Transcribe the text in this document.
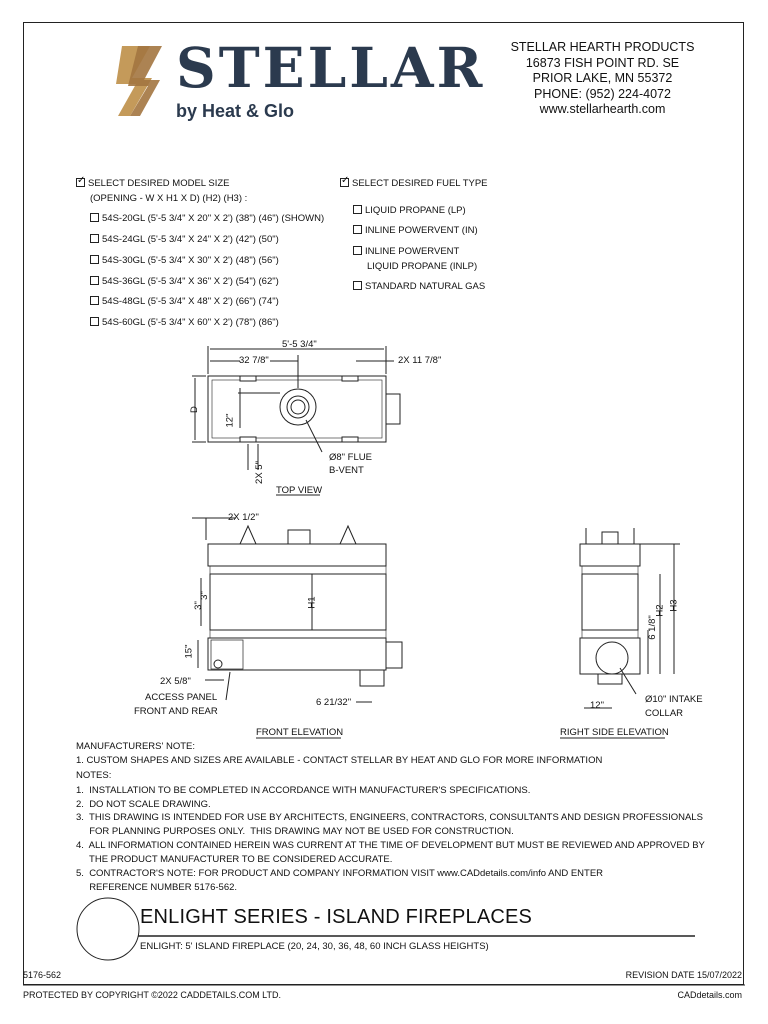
STELLAR
by Heat & Glo
STELLAR HEARTH PRODUCTS
16873 FISH POINT RD. SE
PRIOR LAKE, MN 55372
PHONE: (952) 224-4072
www.stellarhearth.com
✓SELECT DESIRED MODEL SIZE
(OPENING - W X H1 X D) (H2) (H3) :
54S-20GL (5'-5 3/4" X 20" X 2') (38") (46") (SHOWN)
54S-24GL (5'-5 3/4" X 24" X 2') (42") (50")
54S-30GL (5'-5 3/4" X 30" X 2') (48") (56")
54S-36GL (5'-5 3/4" X 36" X 2') (54") (62")
54S-48GL (5'-5 3/4" X 48" X 2') (66") (74")
54S-60GL (5'-5 3/4" X 60" X 2') (78") (86")
✓SELECT DESIRED FUEL TYPE
LIQUID PROPANE (LP)
INLINE POWERVENT (IN)
INLINE POWERVENT
LIQUID PROPANE (INLP)
STANDARD NATURAL GAS
5'-5 3/4"
32 7/8"	2X 11 7/8"
D
12"
2X 5"
Ø8" FLUE
B-VENT
TOP VIEW
2X 1/2"
3"
3"
H1
15"
2X 5/8"
ACCESS PANEL
FRONT AND REAR
6 21/32"
FRONT ELEVATION
6 1/8"
H2 H3
12"
Ø10" INTAKE
COLLAR
RIGHT SIDE ELEVATION
MANUFACTURERS' NOTE:
1. CUSTOM SHAPES AND SIZES ARE AVAILABLE - CONTACT STELLAR BY HEAT AND GLO FOR MORE INFORMATION
NOTES:
1.  INSTALLATION TO BE COMPLETED IN ACCORDANCE WITH MANUFACTURER'S SPECIFICATIONS.
2.  DO NOT SCALE DRAWING.
3.  THIS DRAWING IS INTENDED FOR USE BY ARCHITECTS, ENGINEERS, CONTRACTORS, CONSULTANTS AND DESIGN PROFESSIONALS
FOR PLANNING PURPOSES ONLY.  THIS DRAWING MAY NOT BE USED FOR CONSTRUCTION.
4.  ALL INFORMATION CONTAINED HEREIN WAS CURRENT AT THE TIME OF DEVELOPMENT BUT MUST BE REVIEWED AND APPROVED BY
THE PRODUCT MANUFACTURER TO BE CONSIDERED ACCURATE.
5.  CONTRACTOR'S NOTE: FOR PRODUCT AND COMPANY INFORMATION VISIT www.CADdetails.com/info AND ENTER
REFERENCE NUMBER 5176-562.
ENLIGHT SERIES - ISLAND FIREPLACES
ENLIGHT: 5' ISLAND FIREPLACE (20, 24, 30, 36, 48, 60 INCH GLASS HEIGHTS)
5176-562	REVISION DATE 15/07/2022
PROTECTED BY COPYRIGHT ©2022 CADDETAILS.COM LTD.	CADdetails.com
